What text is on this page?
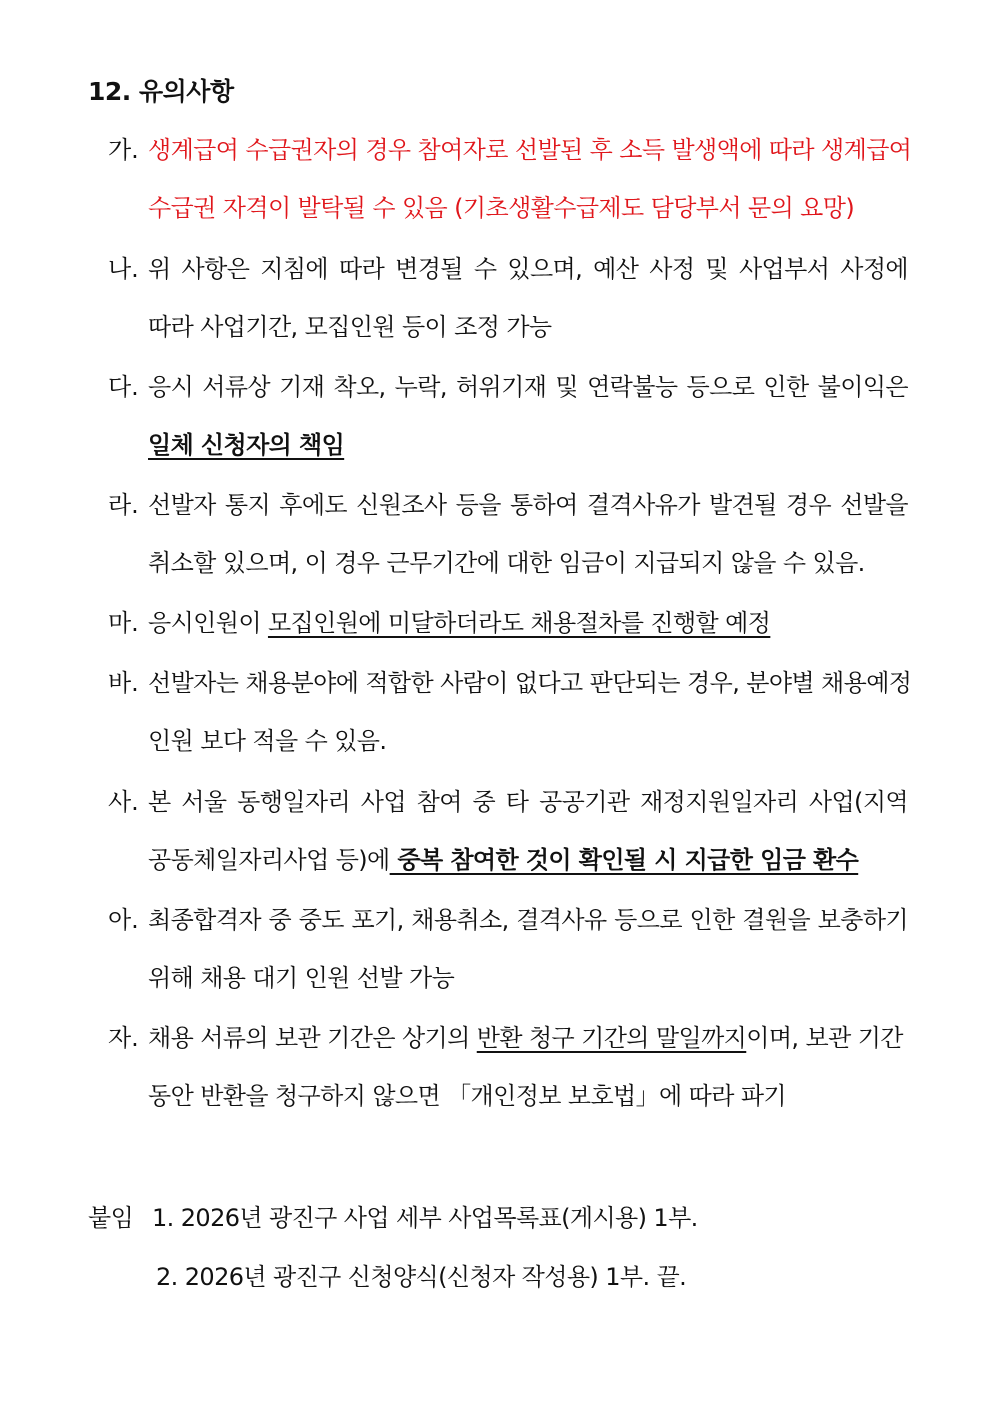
12. 유의사항
가. 생계급여 수급권자의 경우 참여자로 선발된 후 소득 발생액에 따라 생계급여
수급권 자격이 발탁될 수 있음 (기초생활수급제도 담당부서 문의 요망)
나. 위 사항은 지침에 따라 변경될 수 있으며, 예산 사정 및 사업부서 사정에
따라 사업기간, 모집인원 등이 조정 가능
다. 응시 서류상 기재 착오, 누락, 허위기재 및 연락불능 등으로 인한 불이익은
일체 신청자의 책임
라. 선발자 통지 후에도 신원조사 등을 통하여 결격사유가 발견될 경우 선발을
취소할 있으며, 이 경우 근무기간에 대한 임금이 지급되지 않을 수 있음.
마. 응시인원이 모집인원에 미달하더라도 채용절차를 진행할 예정
바. 선발자는 채용분야에 적합한 사람이 없다고 판단되는 경우, 분야별 채용예정
인원 보다 적을 수 있음.
사. 본 서울 동행일자리 사업 참여 중 타 공공기관 재정지원일자리 사업(지역
공동체일자리사업 등)에 중복 참여한 것이 확인될 시 지급한 임금 환수
아. 최종합격자 중 중도 포기, 채용취소, 결격사유 등으로 인한 결원을 보충하기
위해 채용 대기 인원 선발 가능
자. 채용 서류의 보관 기간은 상기의 반환 청구 기간의 말일까지이며, 보관 기간
동안 반환을 청구하지 않으면 「개인정보 보호법」에 따라 파기
붙임 1. 2026년 광진구 사업 세부 사업목록표(게시용) 1부.
2. 2026년 광진구 신청양식(신청자 작성용) 1부. 끝.
